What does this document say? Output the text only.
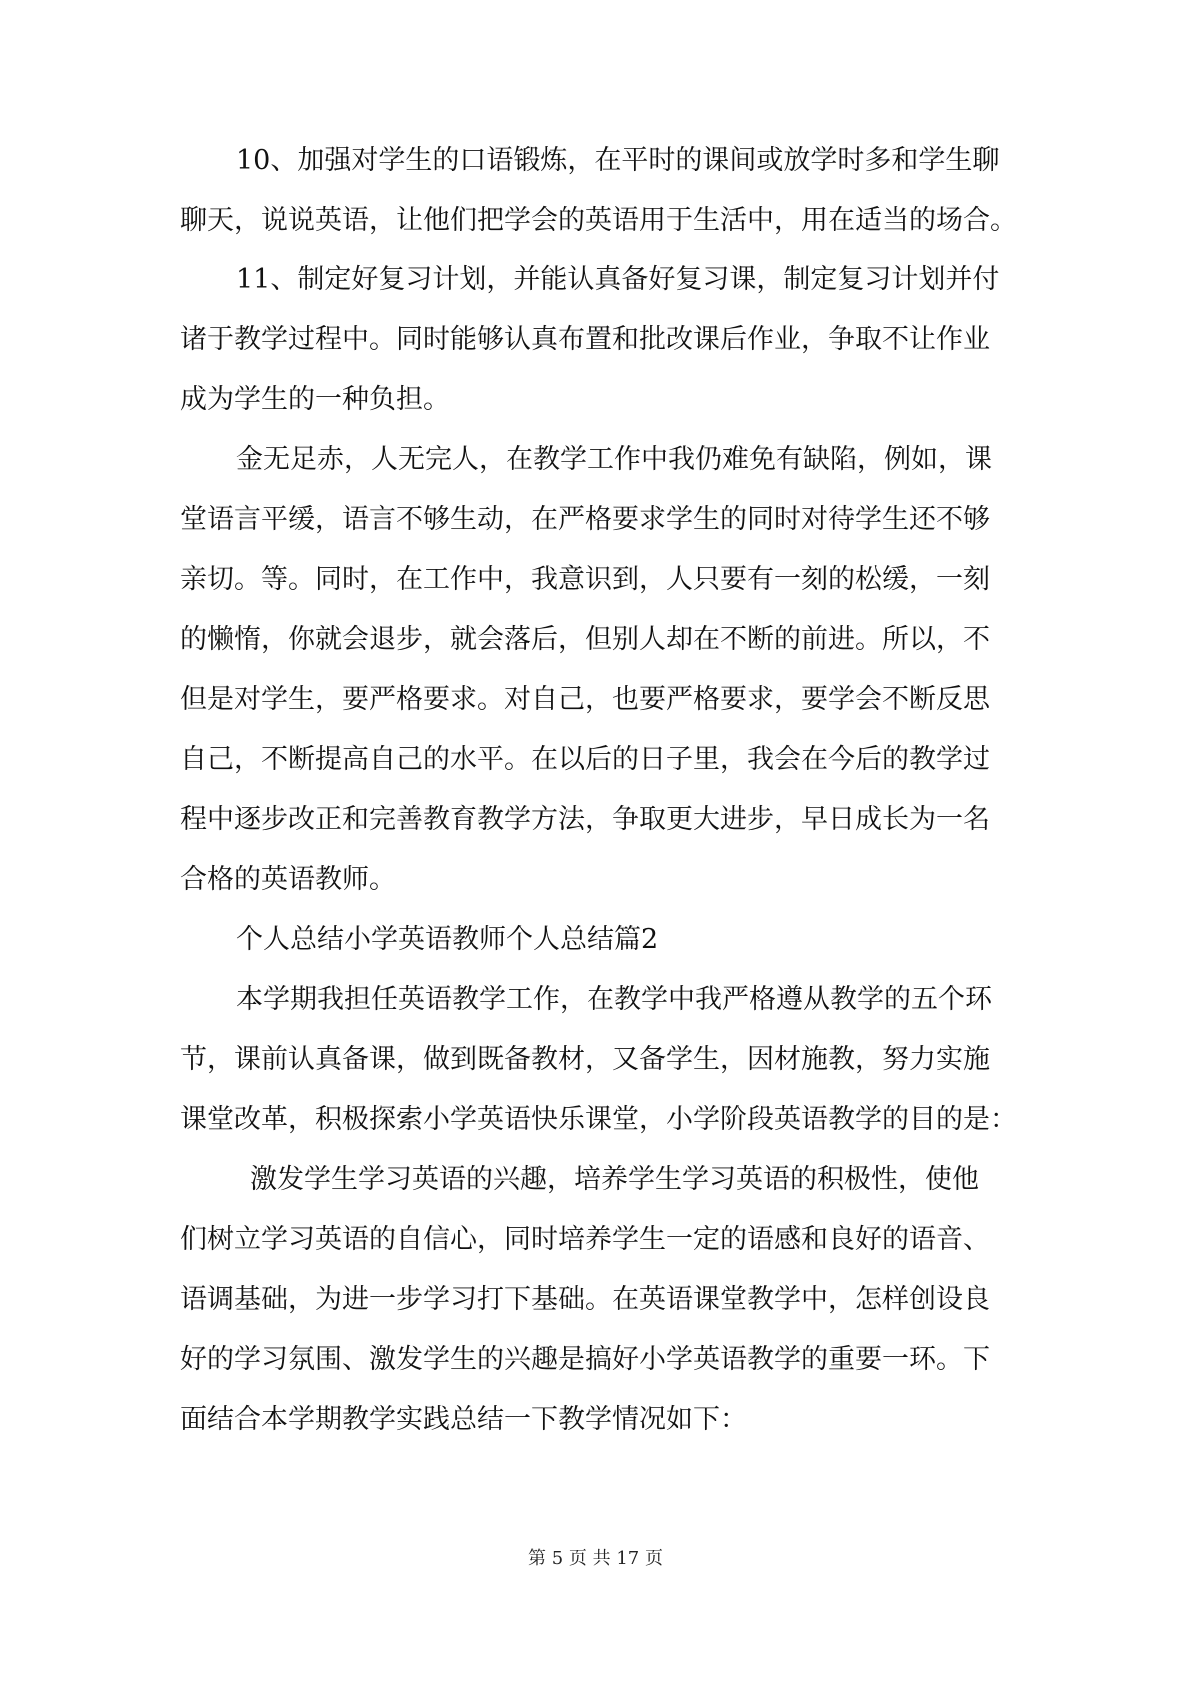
10、加强对学生的口语锻炼，在平时的课间或放学时多和学生聊
聊天，说说英语，让他们把学会的英语用于生活中，用在适当的场合。
11、制定好复习计划，并能认真备好复习课，制定复习计划并付
诸于教学过程中。同时能够认真布置和批改课后作业，争取不让作业
成为学生的一种负担。
金无足赤，人无完人，在教学工作中我仍难免有缺陷，例如，课
堂语言平缓，语言不够生动，在严格要求学生的同时对待学生还不够
亲切。等。同时，在工作中，我意识到，人只要有一刻的松缓，一刻
的懒惰，你就会退步，就会落后，但别人却在不断的前进。所以，不
但是对学生，要严格要求。对自己，也要严格要求，要学会不断反思
自己，不断提高自己的水平。在以后的日子里，我会在今后的教学过
程中逐步改正和完善教育教学方法，争取更大进步，早日成长为一名
合格的英语教师。
个人总结小学英语教师个人总结篇2
本学期我担任英语教学工作，在教学中我严格遵从教学的五个环
节，课前认真备课，做到既备教材，又备学生，因材施教，努力实施
课堂改革，积极探索小学英语快乐课堂，小学阶段英语教学的目的是：
激发学生学习英语的兴趣，培养学生学习英语的积极性，使他
们树立学习英语的自信心，同时培养学生一定的语感和良好的语音、
语调基础，为进一步学习打下基础。在英语课堂教学中，怎样创设良
好的学习氛围、激发学生的兴趣是搞好小学英语教学的重要一环。下
面结合本学期教学实践总结一下教学情况如下：
第 5 页 共 17 页
